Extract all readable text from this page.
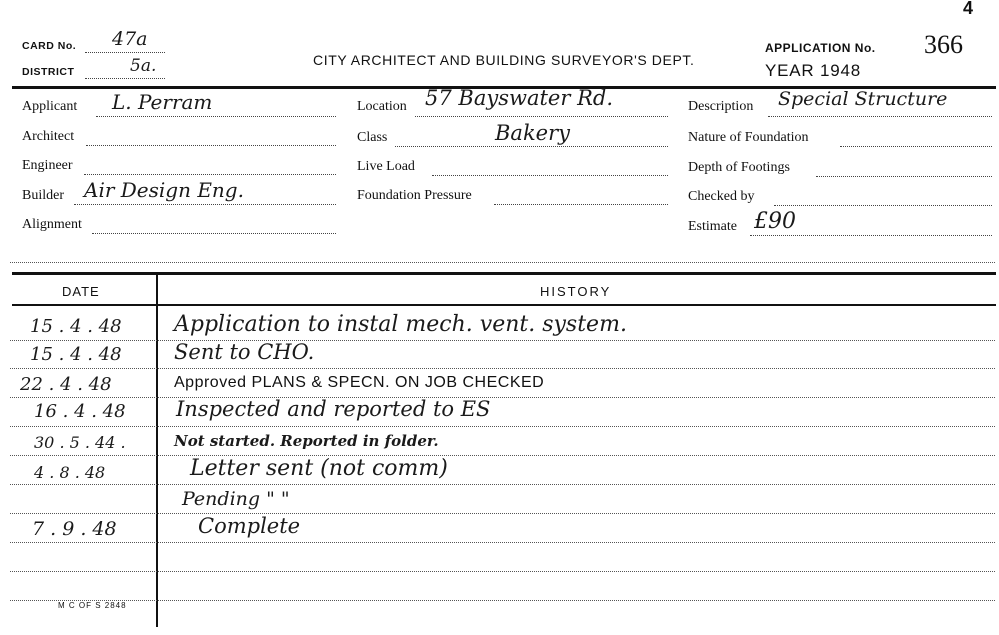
4
CARD No. 47a
DISTRICT	5a.	CITY ARCHITECT AND BUILDING SURVEYOR'S DEPT.
APPLICATION No. 366
YEAR 1948
Applicant L. Perram
Architect
Engineer
Builder Air Design Eng.
Alignment
Location 57 Bayswater Rd.
Class	Bakery
Live Load
Foundation Pressure
Description Special Structure
Nature of Foundation
Depth of Footings
Checked by
Estimate £90
DATE	HISTORY
15 . 4 . 48 Application to instal mech. vent. system.
15 . 4 . 48 Sent to CHO.
22 . 4 . 48	Approved PLANS & SPECN. ON JOB CHECKED
16 . 4 . 48 Inspected and reported to ES
30 . 5 . 44 .	Not started. Reported in folder.
4 . 8 . 48	Letter sent (not comm)
Pending " "
7 . 9 . 48	Complete
M C OF S 2848
